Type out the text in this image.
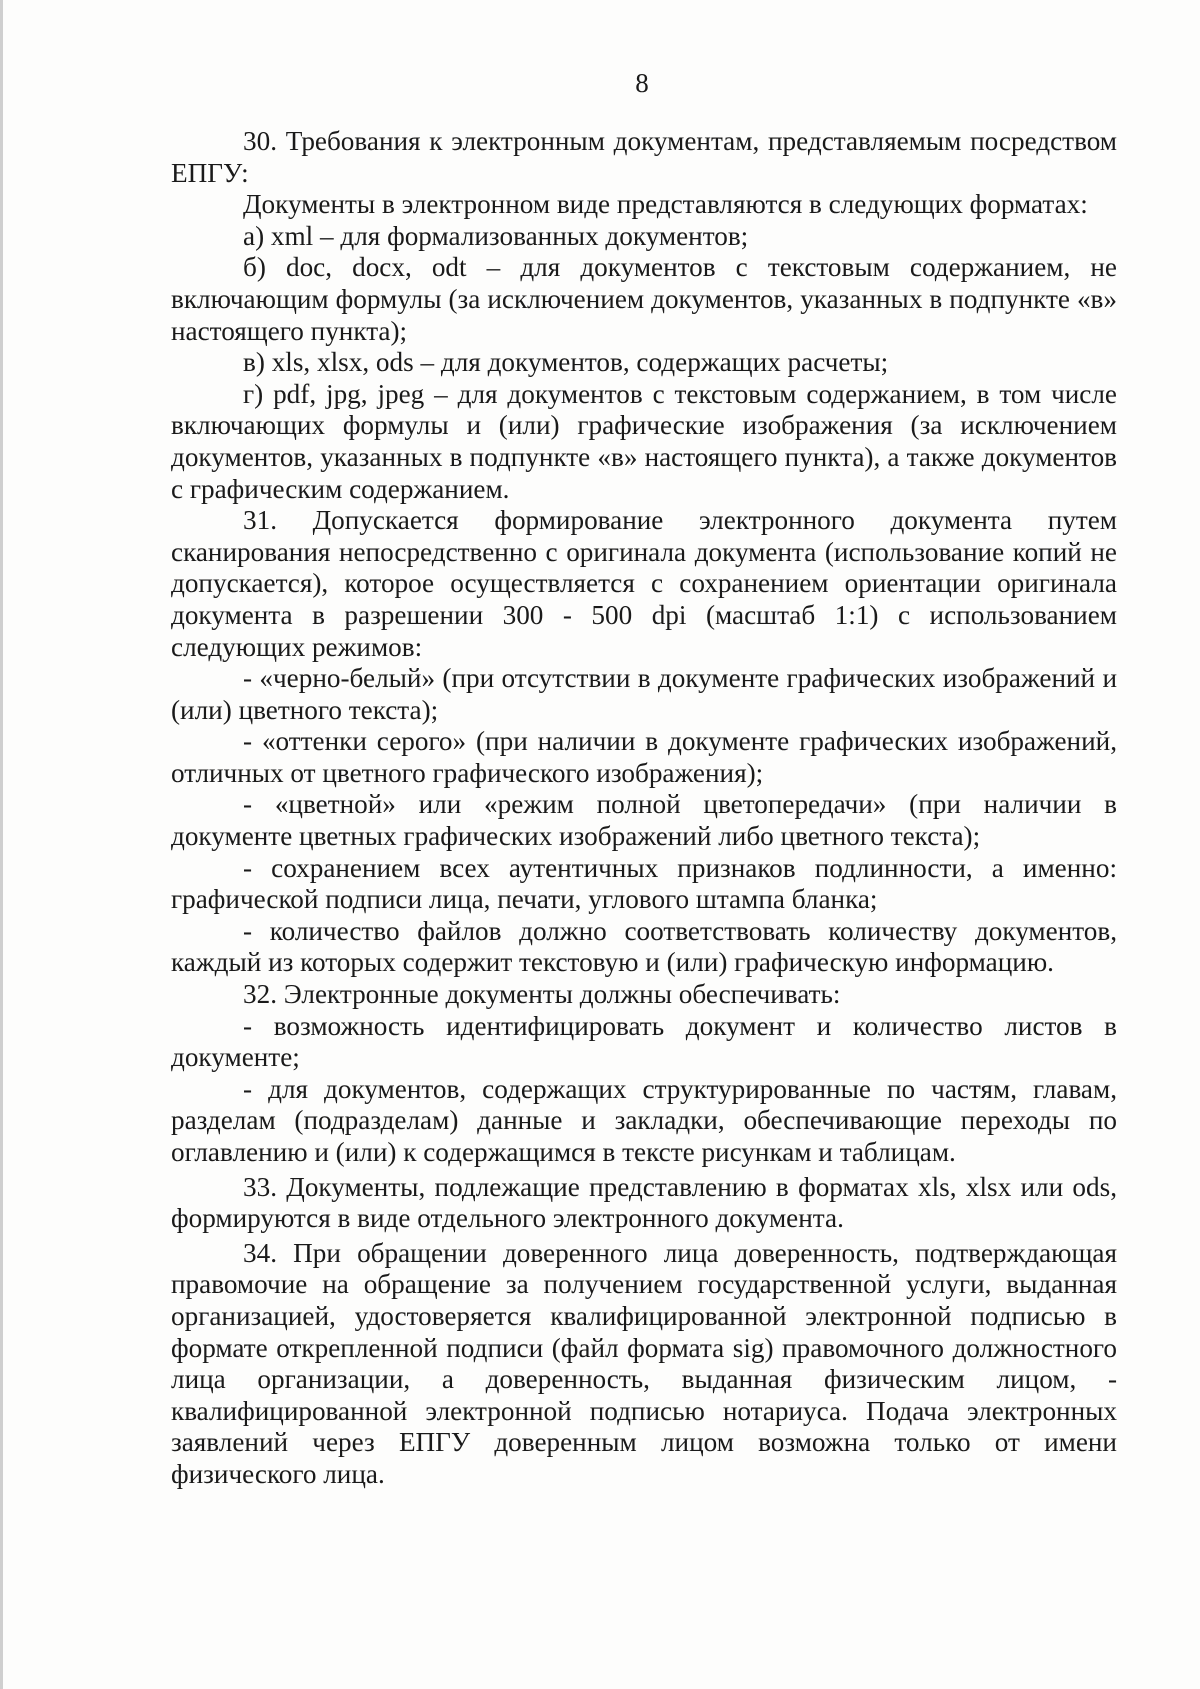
8

30. Требования к электронным документам, представляемым посредством ЕПГУ:

Документы в электронном виде представляются в следующих форматах:

а) xml – для формализованных документов;

б) doc, docx, odt – для документов с текстовым содержанием, не включающим формулы (за исключением документов, указанных в подпункте «в» настоящего пункта);

в) xls, xlsx, ods – для документов, содержащих расчеты;

г) pdf, jpg, jpeg – для документов с текстовым содержанием, в том числе включающих формулы и (или) графические изображения (за исключением документов, указанных в подпункте «в» настоящего пункта), а также документов с графическим содержанием.

31. Допускается формирование электронного документа путем сканирования непосредственно с оригинала документа (использование копий не допускается), которое осуществляется с сохранением ориентации оригинала документа в разрешении 300 - 500 dpi (масштаб 1:1) с использованием следующих режимов:

- «черно-белый» (при отсутствии в документе графических изображений и (или) цветного текста);

- «оттенки серого» (при наличии в документе графических изображений, отличных от цветного графического изображения);

- «цветной» или «режим полной цветопередачи» (при наличии в документе цветных графических изображений либо цветного текста);

- сохранением всех аутентичных признаков подлинности, а именно: графической подписи лица, печати, углового штампа бланка;

- количество файлов должно соответствовать количеству документов, каждый из которых содержит текстовую и (или) графическую информацию.

32. Электронные документы должны обеспечивать:

- возможность идентифицировать документ и количество листов в документе;

- для документов, содержащих структурированные по частям, главам, разделам (подразделам) данные и закладки, обеспечивающие переходы по оглавлению и (или) к содержащимся в тексте рисункам и таблицам.

33. Документы, подлежащие представлению в форматах xls, xlsx или ods, формируются в виде отдельного электронного документа.

34. При обращении доверенного лица доверенность, подтверждающая правомочие на обращение за получением государственной услуги, выданная организацией, удостоверяется квалифицированной электронной подписью в формате открепленной подписи (файл формата sig) правомочного должностного лица организации, а доверенность, выданная физическим лицом, - квалифицированной электронной подписью нотариуса. Подача электронных заявлений через ЕПГУ доверенным лицом возможна только от имени физического лица.
